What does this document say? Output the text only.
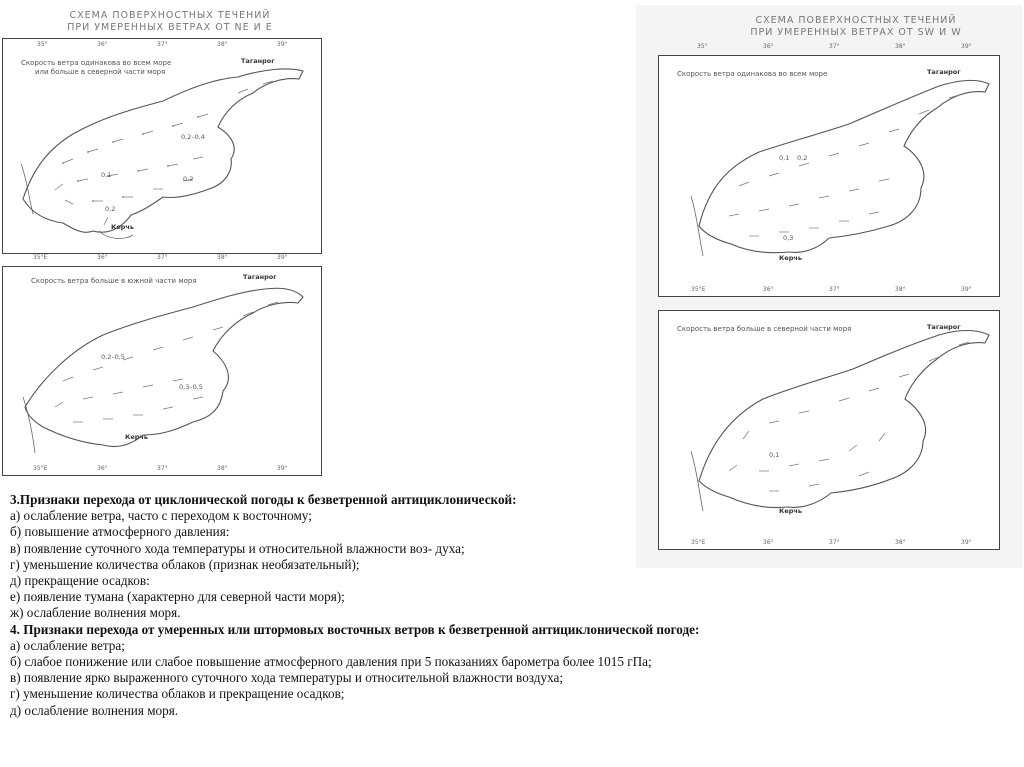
СХЕМА ПОВЕРХНОСТНЫХ ТЕЧЕНИЙ
ПРИ УМЕРЕННЫХ ВЕТРАХ ОТ NE И E
35°	36°	37°	38°	39°
Скорость ветра одинакова во всем море
или больше в северной части моря
Таганрог
Керчь
0,2–0,4
0,1	0,2
0,2
35°E	36°	37°	38°	39°
Скорость ветра больше в южной части моря	Таганрог
Керчь
0,2–0,5
0,3–0,5
35°E	36°	37°	38°	39°
СХЕМА ПОВЕРХНОСТНЫХ ТЕЧЕНИЙ
ПРИ УМЕРЕННЫХ ВЕТРАХ ОТ SW И W
35°	36°	37°	38°	39°
Скорость ветра одинакова во всем море	Таганрог
Керчь
0,1 0,2
0,3
35°E	36°	37°	38°	39°
Скорость ветра больше в северной части моря	Таганрог
Керчь
0,1
35°E	36°	37°	38°	39°
3.Признаки перехода от циклонической погоды к безветренной антициклонической:
а) ослабление ветра, часто с переходом к восточному;
б) повышение атмосферного давления:
в) появление суточного хода температуры и относительной влажности воз- духа;
г) уменьшение количества облаков (признак необязательный);
д) прекращение осадков:
е) появление тумана (характерно для северной части моря);
ж) ослабление волнения моря.
4. Признаки перехода от умеренных или штормовых восточных ветров к безветренной антициклонической погоде:
а) ослабление ветра;
б) слабое понижение или слабое повышение атмосферного давления при 5 показаниях барометра более 1015 гПа;
в) появление ярко выраженного суточного хода температуры и относительной влажности воздуха;
г) уменьшение количества облаков и прекращение осадков;
д) ослабление волнения моря.
